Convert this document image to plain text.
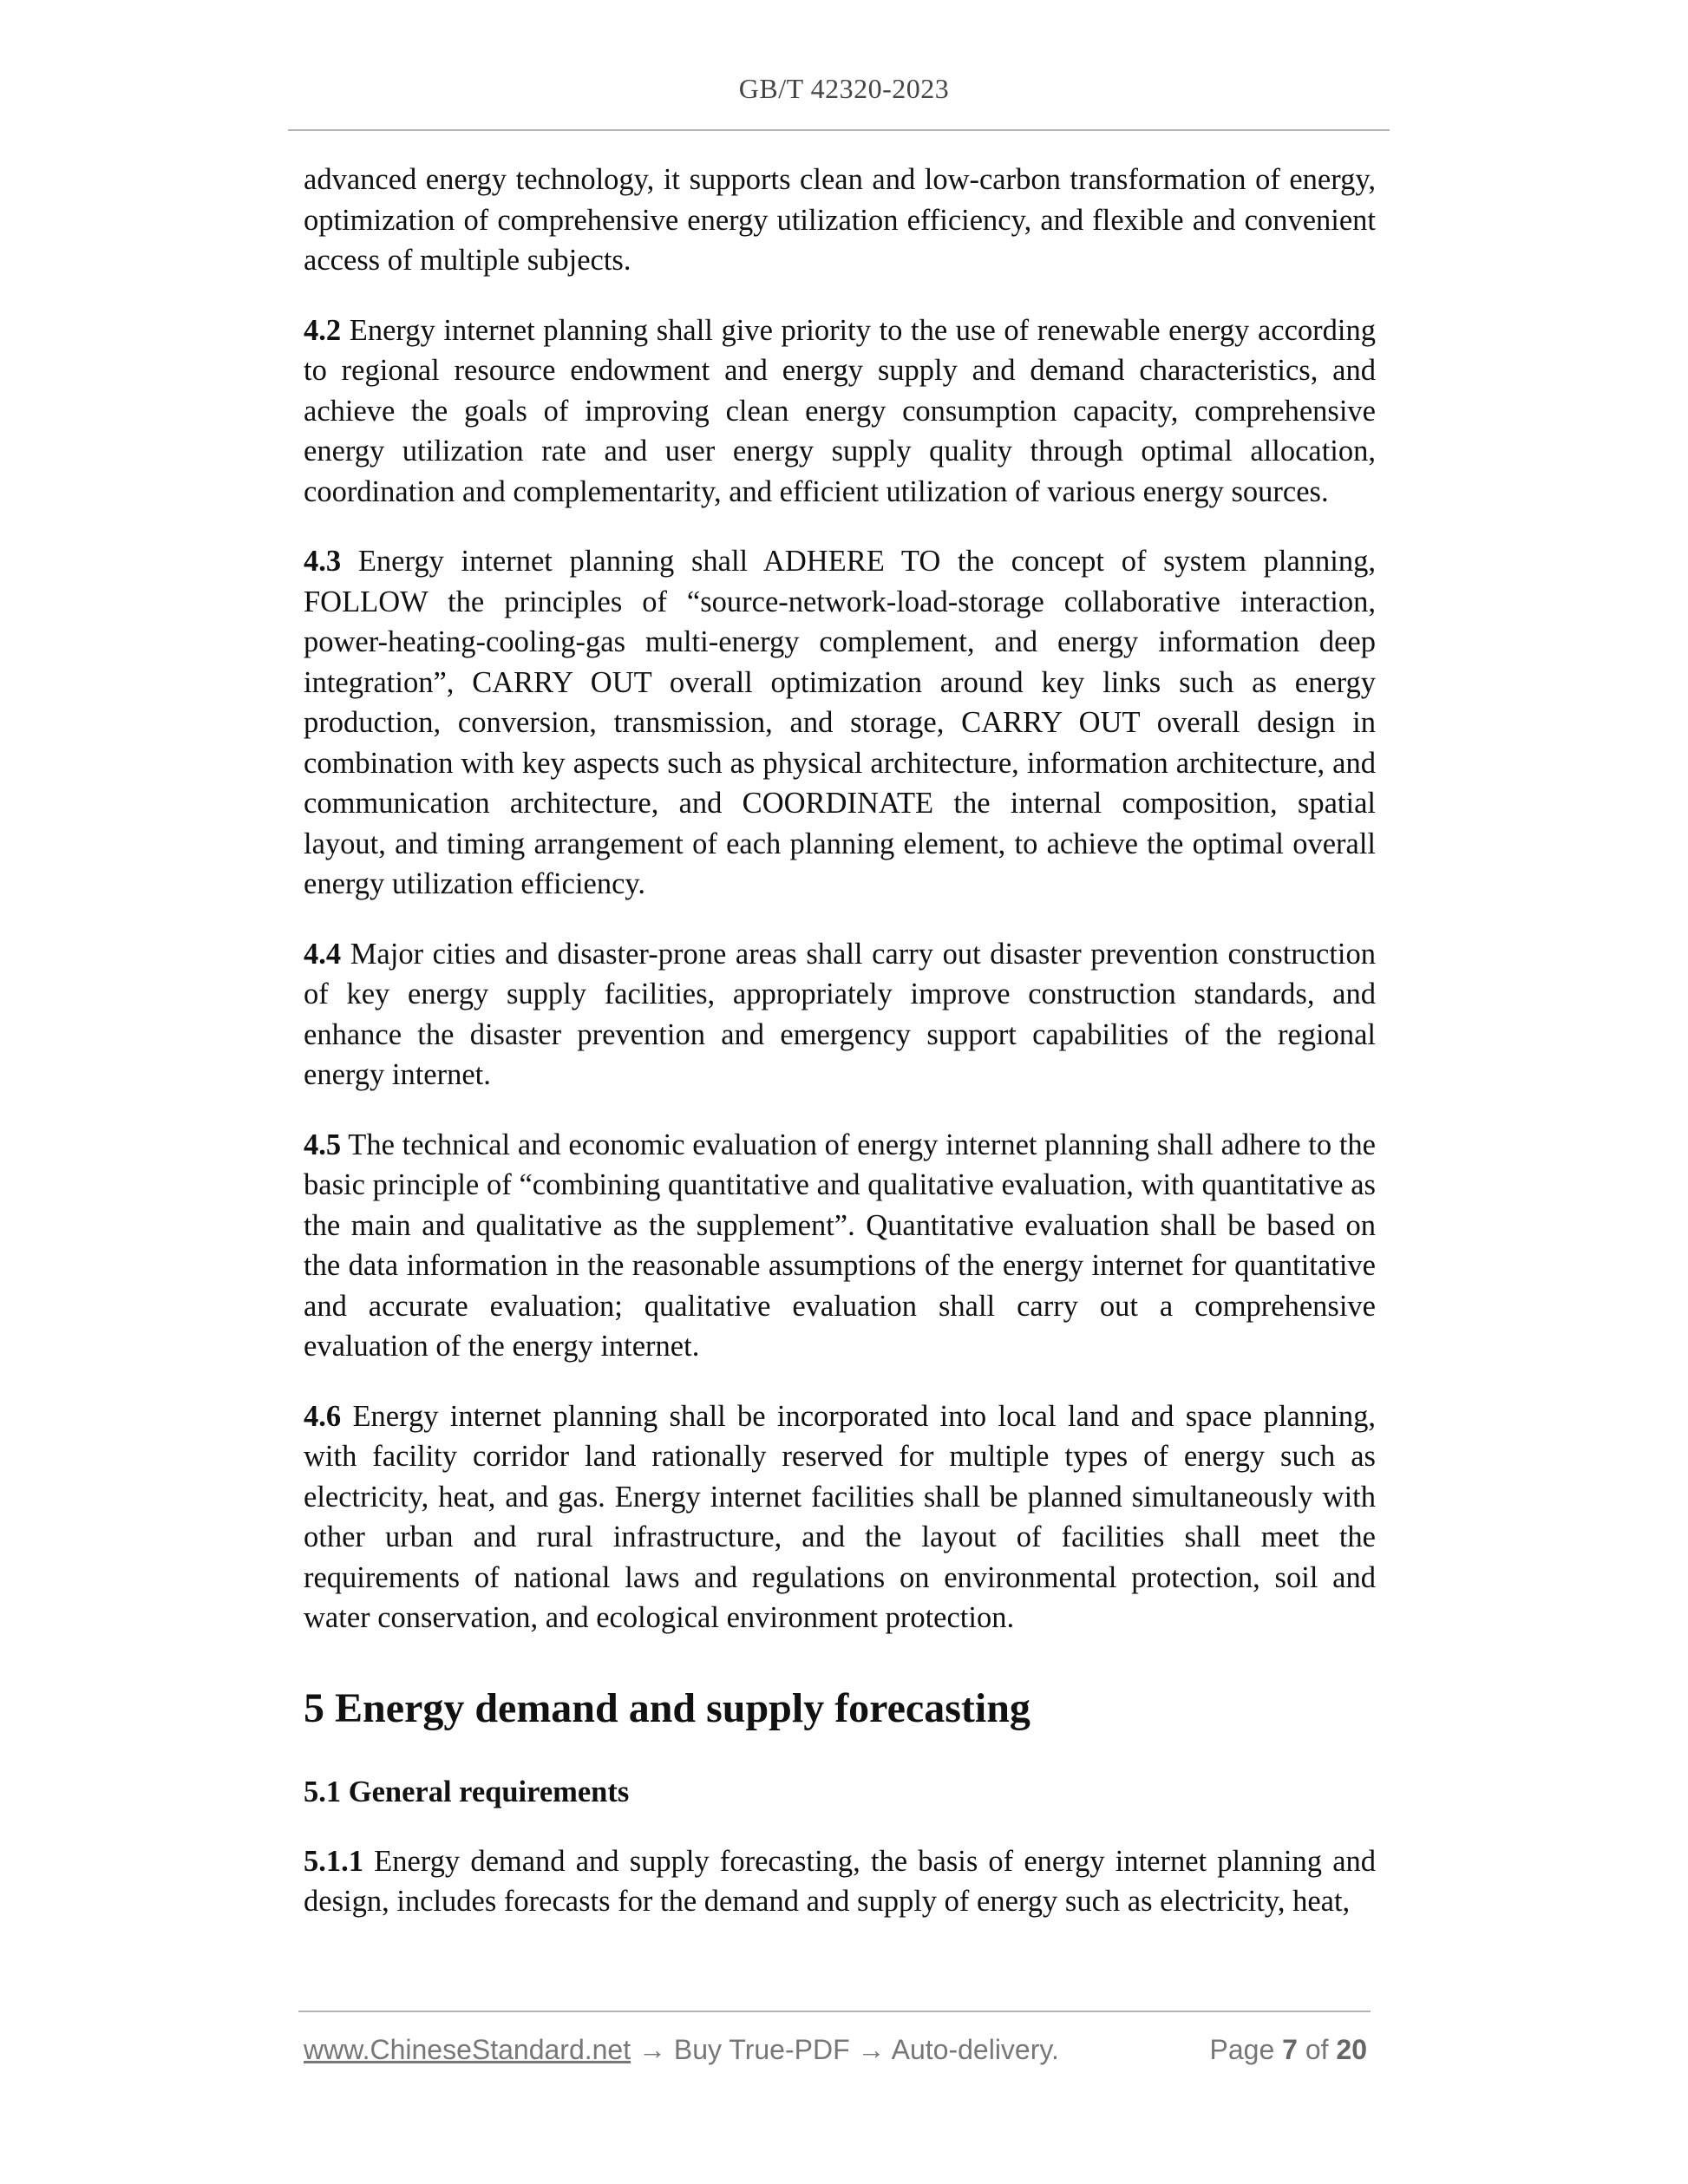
GB/T 42320-2023

advanced energy technology, it supports clean and low-carbon transformation of energy, optimization of comprehensive energy utilization efficiency, and flexible and convenient access of multiple subjects.

4.2 Energy internet planning shall give priority to the use of renewable energy according to regional resource endowment and energy supply and demand characteristics, and achieve the goals of improving clean energy consumption capacity, comprehensive energy utilization rate and user energy supply quality through optimal allocation, coordination and complementarity, and efficient utilization of various energy sources.

4.3 Energy internet planning shall ADHERE TO the concept of system planning, FOLLOW the principles of “source-network-load-storage collaborative interaction, power-heating-cooling-gas multi-energy complement, and energy information deep integration”, CARRY OUT overall optimization around key links such as energy production, conversion, transmission, and storage, CARRY OUT overall design in combination with key aspects such as physical architecture, information architecture, and communication architecture, and COORDINATE the internal composition, spatial layout, and timing arrangement of each planning element, to achieve the optimal overall energy utilization efficiency.

4.4 Major cities and disaster-prone areas shall carry out disaster prevention construction of key energy supply facilities, appropriately improve construction standards, and enhance the disaster prevention and emergency support capabilities of the regional energy internet.

4.5 The technical and economic evaluation of energy internet planning shall adhere to the basic principle of “combining quantitative and qualitative evaluation, with quantitative as the main and qualitative as the supplement”. Quantitative evaluation shall be based on the data information in the reasonable assumptions of the energy internet for quantitative and accurate evaluation; qualitative evaluation shall carry out a comprehensive evaluation of the energy internet.

4.6 Energy internet planning shall be incorporated into local land and space planning, with facility corridor land rationally reserved for multiple types of energy such as electricity, heat, and gas. Energy internet facilities shall be planned simultaneously with other urban and rural infrastructure, and the layout of facilities shall meet the requirements of national laws and regulations on environmental protection, soil and water conservation, and ecological environment protection.

5 Energy demand and supply forecasting
5.1 General requirements

5.1.1 Energy demand and supply forecasting, the basis of energy internet planning and design, includes forecasts for the demand and supply of energy such as electricity, heat,

www.ChineseStandard.net → Buy True-PDF → Auto-delivery.	Page 7 of 20
